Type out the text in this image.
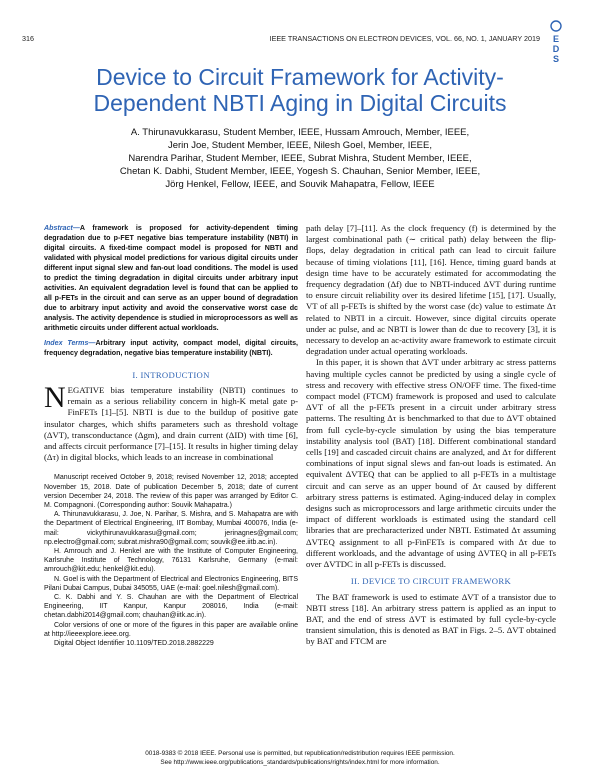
316	IEEE TRANSACTIONS ON ELECTRON DEVICES, VOL. 66, NO. 1, JANUARY 2019 E
D
S
Device to Circuit Framework for Activity-Dependent NBTI Aging in Digital Circuits
A. Thirunavukkarasu, Student Member, IEEE, Hussam Amrouch, Member, IEEE,
Jerin Joe, Student Member, IEEE, Nilesh Goel, Member, IEEE,
Narendra Parihar, Student Member, IEEE, Subrat Mishra, Student Member, IEEE,
Chetan K. Dabhi, Student Member, IEEE, Yogesh S. Chauhan, Senior Member, IEEE,
Jörg Henkel, Fellow, IEEE, and Souvik Mahapatra, Fellow, IEEE
Abstract—A framework is proposed for activity-dependent timing degradation due to p-FET negative bias temperature instability (NBTI) in digital circuits. A fixed-time compact model is proposed for NBTI and validated with physical model predictions for various digital circuits under different input signal slew and fan-out load conditions. The model is used to predict the timing degradation in digital circuits under arbitrary input activities. An equivalent degradation level is found that can be applied to all p-FETs in the circuit and can serve as an upper bound of degradation due to arbitrary input activity and avoid the conservative worst case dc analysis. The activity dependence is studied in microprocessors as well as arithmetic circuits under different actual workloads.
Index Terms—Arbitrary input activity, compact model, digital circuits, frequency degradation, negative bias temperature instability (NBTI).
I. INTRODUCTION
NEGATIVE bias temperature instability (NBTI) continues to remain as a serious reliability concern in high-K metal gate p-FinFETs [1]–[5]. NBTI is due to the buildup of positive gate insulator charges, which shifts parameters such as threshold voltage (ΔVT), transconductance (Δgm), and drain current (ΔID) with time [6], and affects circuit performance [7]–[15]. It results in higher timing delay (Δτ) in digital blocks, which leads to an increase in combinational

Manuscript received October 9, 2018; revised November 12, 2018; accepted November 15, 2018. Date of publication December 5, 2018; date of current version December 24, 2018. The review of this paper was arranged by Editor C. M. Compagnoni. (Corresponding author: Souvik Mahapatra.)

A. Thirunavukkarasu, J. Joe, N. Parihar, S. Mishra, and S. Mahapatra are with the Department of Electrical Engineering, IIT Bombay, Mumbai 400076, India (e-mail: vickythirunavukkarasu@gmail.com; jerinagnes@gmail.com; np.electro@gmail.com; subrat.mishra90@gmail.com; souvik@ee.iitb.ac.in).

H. Amrouch and J. Henkel are with the Institute of Computer Engineering, Karlsruhe Institute of Technology, 76131 Karlsruhe, Germany (e-mail: amrouch@kit.edu; henkel@kit.edu).

N. Goel is with the Department of Electrical and Electronics Engineering, BITS Pilani Dubai Campus, Dubai 345055, UAE (e-mail: goel.nilesh@gmail.com).

C. K. Dabhi and Y. S. Chauhan are with the Department of Electrical Engineering, IIT Kanpur, Kanpur 208016, India (e-mail: chetan.dabhi2014@gmail.com; chauhan@iitk.ac.in).

Color versions of one or more of the figures in this paper are available online at http://ieeexplore.ieee.org.

Digital Object Identifier 10.1109/TED.2018.2882229

path delay [7]–[11]. As the clock frequency (f) is determined by the largest combinational path (∼ critical path) delay between the flip-flops, delay degradation in critical path can lead to circuit failure because of timing violations [11], [16]. Hence, timing guard bands at design time have to be accurately estimated for accommodating the frequency degradation (Δf) due to NBTI-induced ΔVT during runtime to ensure circuit reliability over its desired lifetime [15], [17]. Usually, VT of all p-FETs is shifted by the worst case (dc) value to estimate Δτ related to NBTI in a circuit. However, since digital circuits operate under ac pulse, and ac NBTI is lower than dc due to recovery [3], it is necessary to develop an ac-activity aware framework to estimate circuit degradation under actual operating workloads.

In this paper, it is shown that ΔVT under arbitrary ac stress patterns having multiple cycles cannot be predicted by using a single cycle of stress and recovery with effective stress ON/OFF time. The fixed-time compact model (FTCM) framework is proposed and used to calculate ΔVT of all the p-FETs present in a circuit under arbitrary stress patterns. The resulting Δτ is benchmarked to that due to ΔVT obtained from full cycle-by-cycle simulation by using the bias temperature instability analysis tool (BAT) [18]. Different combinational standard cells [19] and cascaded circuit chains are analyzed, and Δτ for different combinations of input signal slews and fan-out loads is estimated. An equivalent ΔVTEQ that can be applied to all p-FETs in a multistage circuit and can serve as an upper bound of Δτ caused by different arbitrary stress patterns is estimated. Aging-induced delay in complex designs such as microprocessors and large arithmetic circuits under the impact of different workloads is estimated using the standard cell libraries that are precharacterized under NBTI. Estimated Δτ assuming ΔVTEQ assignment to all p-FinFETs is compared with Δτ due to different workloads, and the advantage of using ΔVTEQ in all p-FETs over ΔVTDC in all p-FETs is discussed.

II. DEVICE TO CIRCUIT FRAMEWORK

The BAT framework is used to estimate ΔVT of a transistor due to NBTI stress [18]. An arbitrary stress pattern is applied as an input to BAT, and the end of stress ΔVT is estimated by full cycle-by-cycle transient simulation, this is denoted as BAT in Figs. 2–5. ΔVT obtained by BAT and FTCM are

0018-9383 © 2018 IEEE. Personal use is permitted, but republication/redistribution requires IEEE permission.
See http://www.ieee.org/publications_standards/publications/rights/index.html for more information.
